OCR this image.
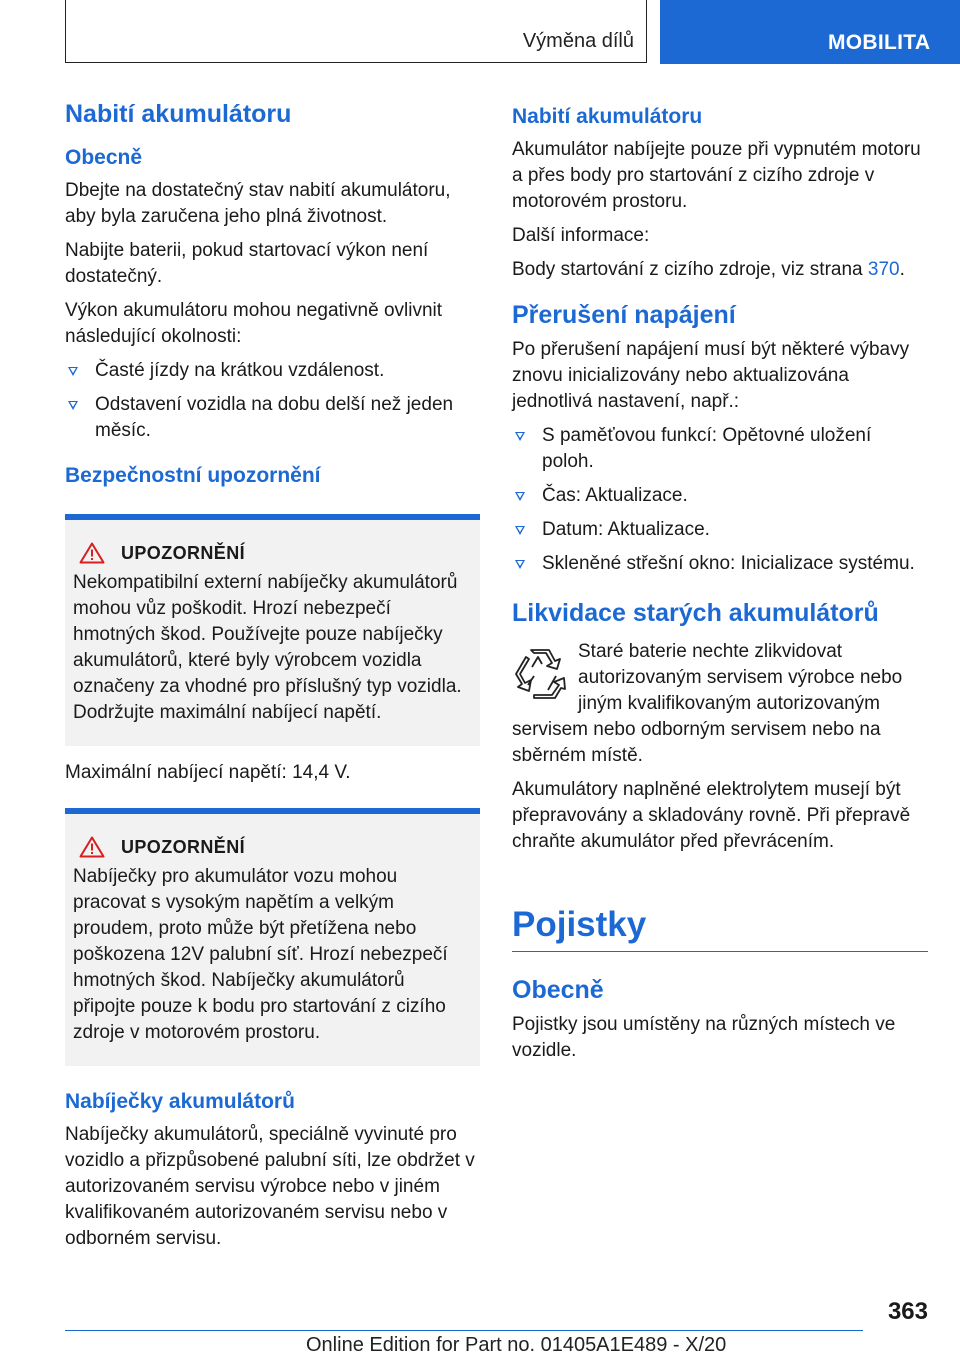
Výměna dílů	MOBILITA
Nabití akumulátoru
Obecně

Dbejte na dostatečný stav nabití akumulátoru, aby byla zaručena jeho plná životnost.

Nabijte baterii, pokud startovací výkon není dostatečný.

Výkon akumulátoru mohou negativně ovlivnit následující okolnosti:

Časté jízdy na krátkou vzdálenost.
Odstavení vozidla na dobu delší než jeden měsíc.
Bezpečnostní upozornění
UPOZORNĚNÍ

Nekompatibilní externí nabíječky akumulátorů mohou vůz poškodit. Hrozí nebezpečí hmotných škod. Používejte pouze nabíječky akumulátorů, které byly výrobcem vozidla označeny za vhodné pro příslušný typ vozidla. Dodržujte maximální nabíjecí napětí.

Maximální nabíjecí napětí: 14,4 V.

UPOZORNĚNÍ

Nabíječky pro akumulátor vozu mohou pracovat s vysokým napětím a velkým proudem, proto může být přetížena nebo poškozena 12V palubní síť. Hrozí nebezpečí hmotných škod. Nabíječky akumulátorů připojte pouze k bodu pro startování z cizího zdroje v motorovém prostoru.

Nabíječky akumulátorů

Nabíječky akumulátorů, speciálně vyvinuté pro vozidlo a přizpůsobené palubní síti, lze obdržet v autorizovaném servisu výrobce nebo v jiném kvalifikovaném autorizovaném servisu nebo v odborném servisu.

Nabití akumulátoru

Akumulátor nabíjejte pouze při vypnutém motoru a přes body pro startování z cizího zdroje v motorovém prostoru.

Další informace:

Body startování z cizího zdroje, viz strana 370.

Přerušení napájení

Po přerušení napájení musí být některé výbavy znovu inicializovány nebo aktualizována jednotlivá nastavení, např.:

S paměťovou funkcí: Opětovné uložení poloh.
Čas: Aktualizace.
Datum: Aktualizace.
Skleněné střešní okno: Inicializace systému.
Likvidace starých akumulátorů

Staré baterie nechte zlikvidovat autorizovaným servisem výrobce nebo jiným kvalifikovaným autorizovaným servisem nebo odborným servisem nebo na sběrném místě.

Akumulátory naplněné elektrolytem musejí být přepravovány a skladovány rovně. Při přepravě chraňte akumulátor před převrácením.

Pojistky
Obecně

Pojistky jsou umístěny na různých místech ve vozidle.

363
Online Edition for Part no. 01405A1E489 - X/20
